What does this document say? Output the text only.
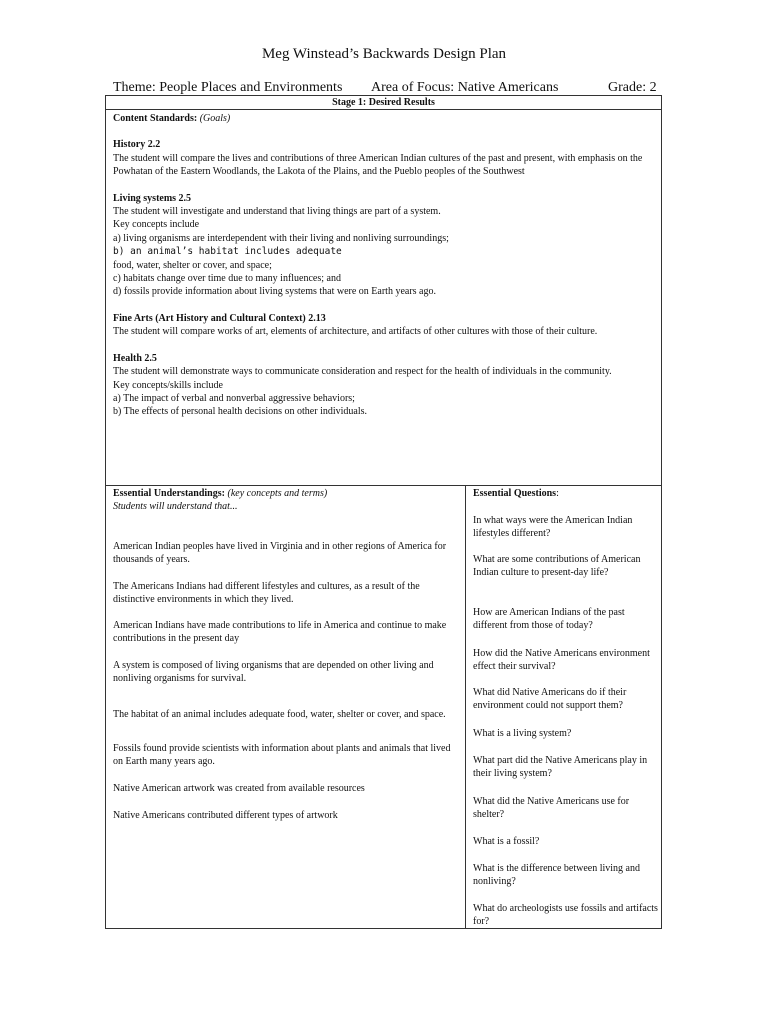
Meg Winstead’s Backwards Design Plan
Theme: People Places and Environments Area of Focus: Native Americans	Grade: 2
Stage 1: Desired Results

Content Standards: (Goals)

History 2.2

The student will compare the lives and contributions of three American Indian cultures of the past and present, with emphasis on the Powhatan of the Eastern Woodlands, the Lakota of the Plains, and the Pueblo peoples of the Southwest

Living systems 2.5

The student will investigate and understand that living things are part of a system.

Key concepts include

a) living organisms are interdependent with their living and nonliving surroundings;

b) an animal’s habitat includes adequate

food, water, shelter or cover, and space;

c) habitats change over time due to many influences; and

d) fossils provide information about living systems that were on Earth years ago.

Fine Arts (Art History and Cultural Context) 2.13

The student will compare works of art, elements of architecture, and artifacts of other cultures with those of their culture.

Health 2.5

The student will demonstrate ways to communicate consideration and respect for the health of individuals in the community.

Key concepts/skills include

a) The impact of verbal and nonverbal aggressive behaviors;

b) The effects of personal health decisions on other individuals.

Essential Understandings: (key concepts and terms)

Students will understand that...

American Indian peoples have lived in Virginia and in other regions of America for thousands of years.

The Americans Indians had different lifestyles and cultures, as a result of the distinctive environments in which they lived.

American Indians have made contributions to life in America and continue to make contributions in the present day

A system is composed of living organisms that are depended on other living and nonliving organisms for survival.

The habitat of an animal includes adequate food, water, shelter or cover, and space.

Fossils found provide scientists with information about plants and animals that lived on Earth many years ago.

Native American artwork was created from available resources

Native Americans contributed different types of artwork

Essential Questions:

In what ways were the American Indian lifestyles different?

What are some contributions of American Indian culture to present-day life?

How are American Indians of the past different from those of today?

How did the Native Americans environment effect their survival?

What did Native Americans do if their environment could not support them?

What is a living system?

What part did the Native Americans play in their living system?

What did the Native Americans use for shelter?

What is a fossil?

What is the difference between living and nonliving?

What do archeologists use fossils and artifacts for?
